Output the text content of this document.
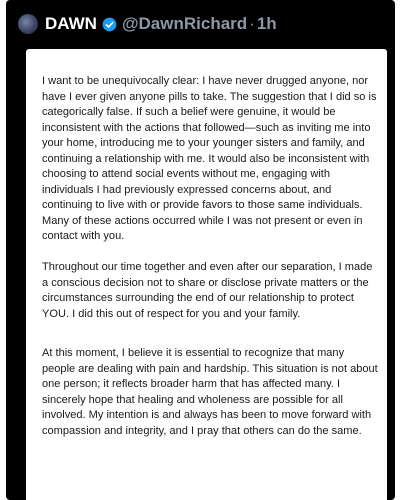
DAWN @DawnRichard · 1h

I want to be unequivocally clear: I have never drugged anyone, nor have I ever given anyone pills to take. The suggestion that I did so is categorically false. If such a belief were genuine, it would be inconsistent with the actions that followed—such as inviting me into your home, introducing me to your younger sisters and family, and continuing a relationship with me. It would also be inconsistent with choosing to attend social events without me, engaging with individuals I had previously expressed concerns about, and continuing to live with or provide favors to those same individuals. Many of these actions occurred while I was not present or even in contact with you.

Throughout our time together and even after our separation, I made a conscious decision not to share or disclose private matters or the circumstances surrounding the end of our relationship to protect YOU. I did this out of respect for you and your family.

At this moment, I believe it is essential to recognize that many people are dealing with pain and hardship. This situation is not about one person; it reflects broader harm that has affected many. I sincerely hope that healing and wholeness are possible for all involved. My intention is and always has been to move forward with compassion and integrity, and I pray that others can do the same.
